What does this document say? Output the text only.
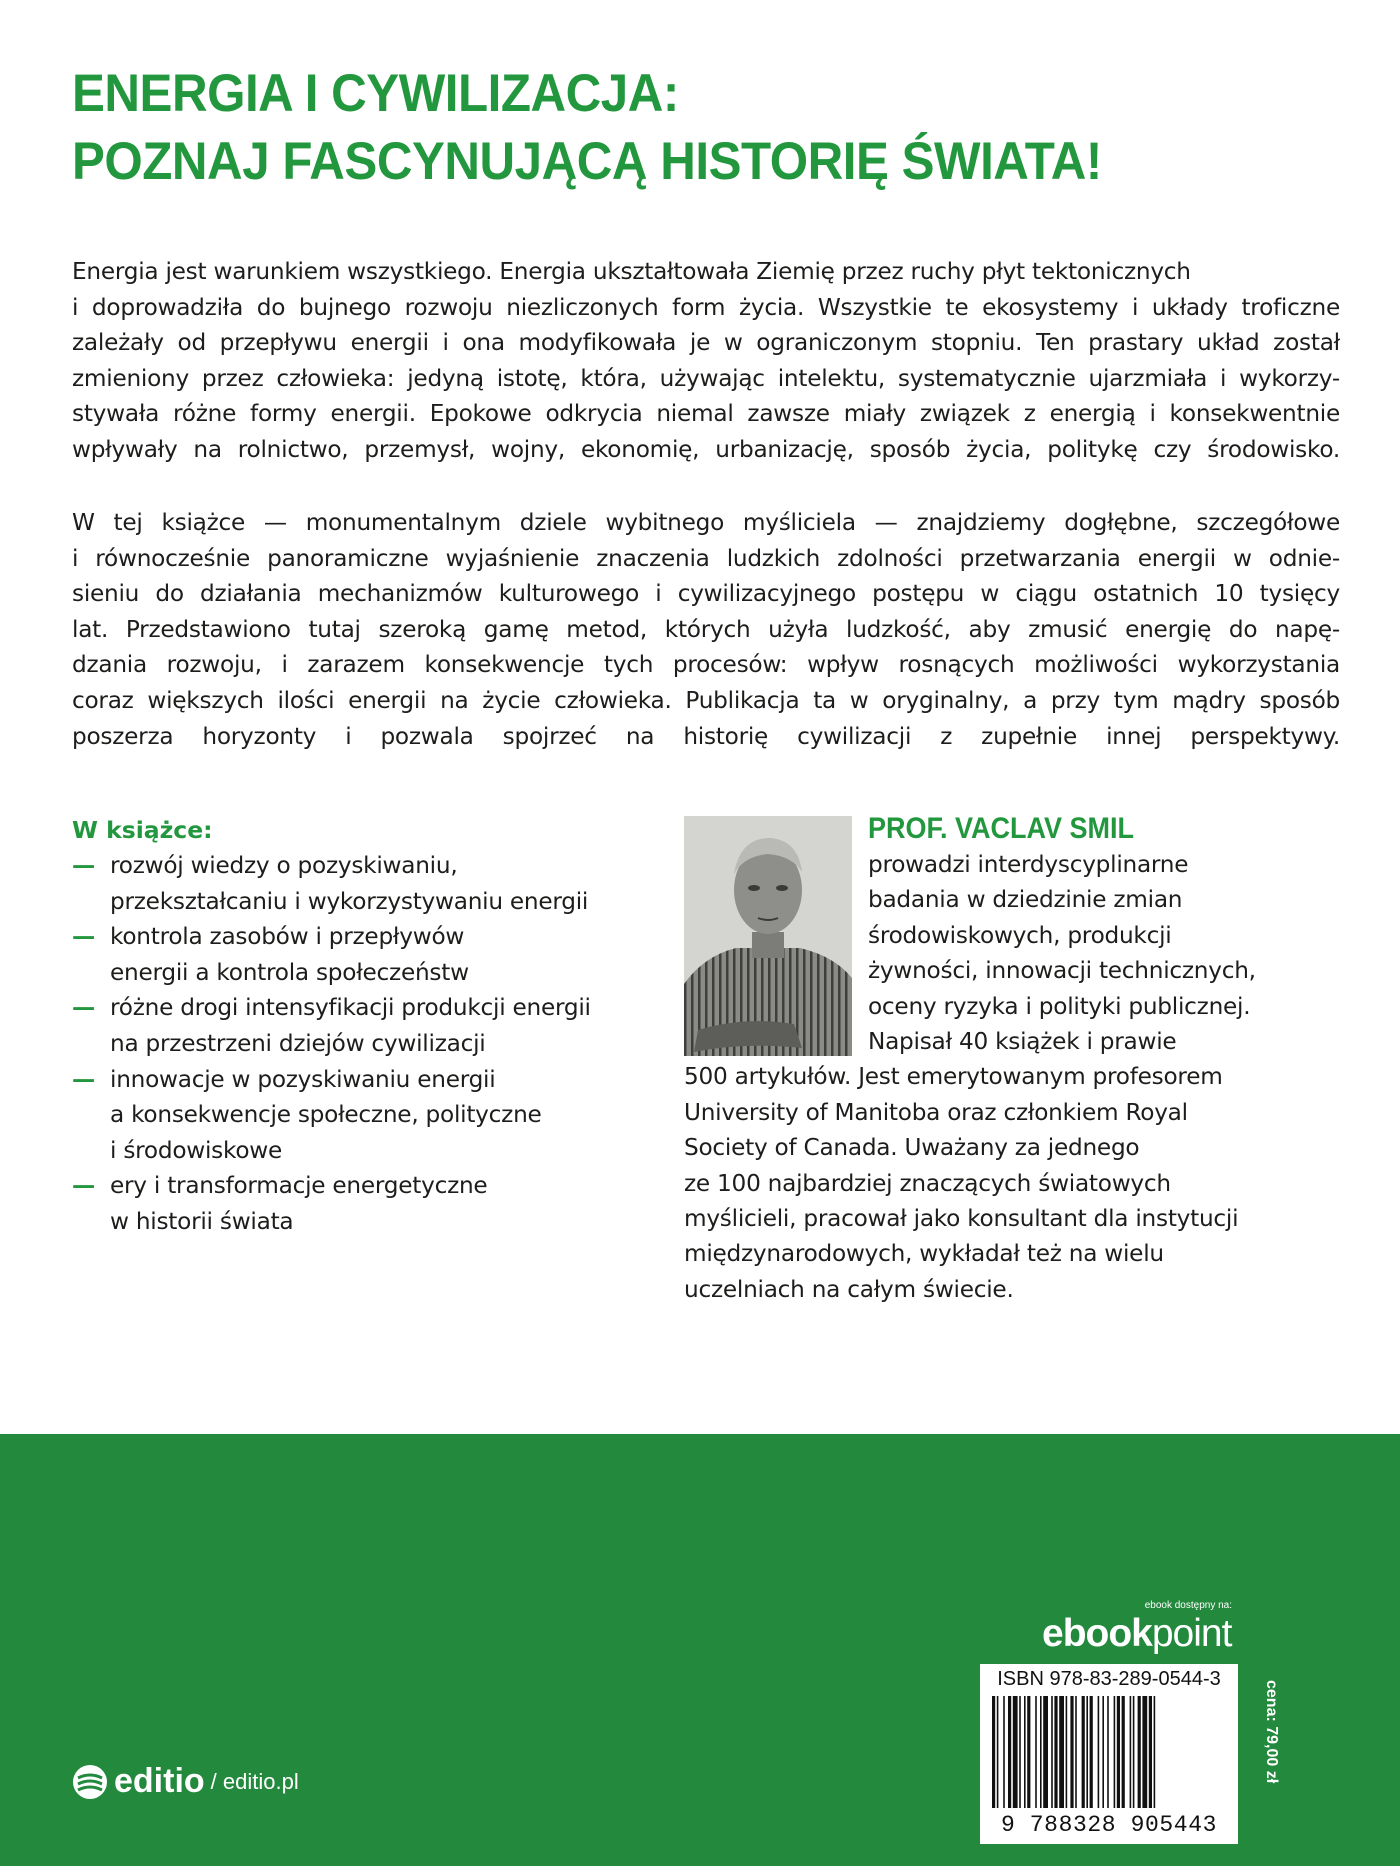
ENERGIA I CYWILIZACJA:
POZNAJ FASCYNUJĄCĄ HISTORIĘ ŚWIATA!
Energia jest warunkiem wszystkiego. Energia ukształtowała Ziemię przez ruchy płyt tektonicznych
i doprowadziła do bujnego rozwoju niezliczonych form życia. Wszystkie te ekosystemy i układy troficzne
zależały od przepływu energii i ona modyfikowała je w ograniczonym stopniu. Ten prastary układ został
zmieniony przez człowieka: jedyną istotę, która, używając intelektu, systematycznie ujarzmiała i wykorzy-
stywała różne formy energii. Epokowe odkrycia niemal zawsze miały związek z energią i konsekwentnie
wpływały na rolnictwo, przemysł, wojny, ekonomię, urbanizację, sposób życia, politykę czy środowisko.
W tej książce — monumentalnym dziele wybitnego myśliciela — znajdziemy dogłębne, szczegółowe
i równocześnie panoramiczne wyjaśnienie znaczenia ludzkich zdolności przetwarzania energii w odnie-
sieniu do działania mechanizmów kulturowego i cywilizacyjnego postępu w ciągu ostatnich 10 tysięcy
lat. Przedstawiono tutaj szeroką gamę metod, których użyła ludzkość, aby zmusić energię do napę-
dzania rozwoju, i zarazem konsekwencje tych procesów: wpływ rosnących możliwości wykorzystania
coraz większych ilości energii na życie człowieka. Publikacja ta w oryginalny, a przy tym mądry sposób
poszerza horyzonty i pozwala spojrzeć na historię cywilizacji z zupełnie innej perspektywy.

W książce:

— rozwój wiedzy o pozyskiwaniu,
przekształcaniu i wykorzystywaniu energii
— kontrola zasobów i przepływów
energii a kontrola społeczeństw
— różne drogi intensyfikacji produkcji energii
na przestrzeni dziejów cywilizacji
— innowacje w pozyskiwaniu energii
a konsekwencje społeczne, polityczne
i środowiskowe
— ery i transformacje energetyczne
w historii świata

PROF. VACLAV SMIL

prowadzi interdyscyplinarne
badania w dziedzinie zmian
środowiskowych, produkcji
żywności, innowacji technicznych,
oceny ryzyka i polityki publicznej.
Napisał 40 książek i prawie
500 artykułów. Jest emerytowanym profesorem
University of Manitoba oraz członkiem Royal
Society of Canada. Uważany za jednego
ze 100 najbardziej znaczących światowych
myślicieli, pracował jako konsultant dla instytucji
międzynarodowych, wykładał też na wielu
uczelniach na całym świecie.
editio / editio.pl
ebook dostępny na:
ebookpoint
ISBN 978-83-289-0544-3
9 788328 905443
cena: 79,00 zł
